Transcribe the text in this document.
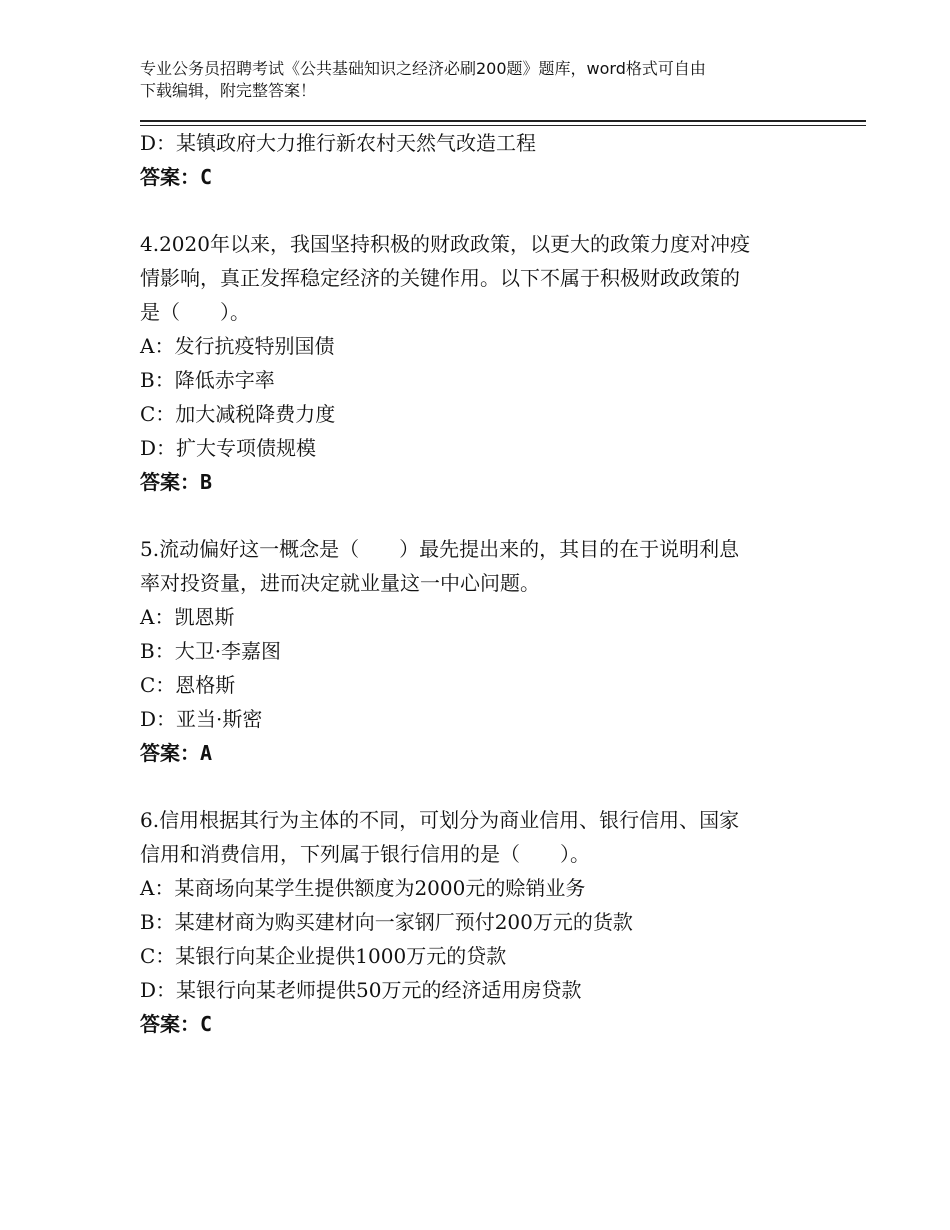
专业公务员招聘考试《公共基础知识之经济必刷200题》题库，word格式可自由
下载编辑，附完整答案！
D：某镇政府大力推行新农村天然气改造工程
答案：C
4.2020年以来，我国坚持积极的财政政策，以更大的政策力度对冲疫
情影响，真正发挥稳定经济的关键作用。以下不属于积极财政政策的
是（　　）。
A：发行抗疫特别国债
B：降低赤字率
C：加大减税降费力度
D：扩大专项债规模
答案：B
5.流动偏好这一概念是（　　）最先提出来的，其目的在于说明利息
率对投资量，进而决定就业量这一中心问题。
A：凯恩斯
B：大卫·李嘉图
C：恩格斯
D：亚当·斯密
答案：A
6.信用根据其行为主体的不同，可划分为商业信用、银行信用、国家
信用和消费信用，下列属于银行信用的是（　　）。
A：某商场向某学生提供额度为2000元的赊销业务
B：某建材商为购买建材向一家钢厂预付200万元的货款
C：某银行向某企业提供1000万元的贷款
D：某银行向某老师提供50万元的经济适用房贷款
答案：C
